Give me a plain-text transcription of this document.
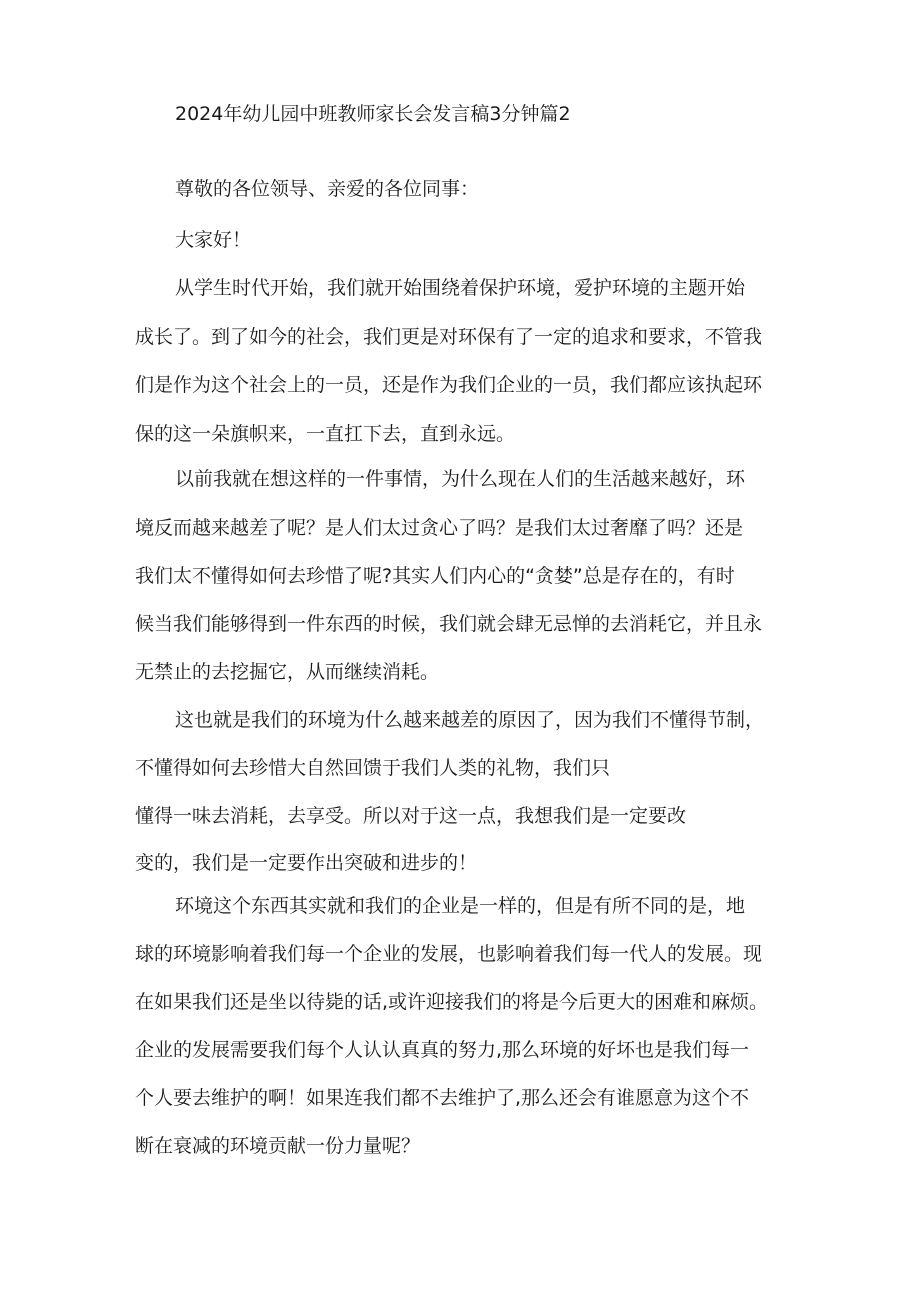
2024年幼儿园中班教师家长会发言稿3分钟篇2
尊敬的各位领导、亲爱的各位同事：
大家好！
从学生时代开始，我们就开始围绕着保护环境，爱护环境的主题开始
成长了。到了如今的社会，我们更是对环保有了一定的追求和要求，不管我
们是作为这个社会上的一员，还是作为我们企业的一员，我们都应该执起环
保的这一朵旗帜来，一直扛下去，直到永远。
以前我就在想这样的一件事情，为什么现在人们的生活越来越好，环
境反而越来越差了呢？是人们太过贪心了吗？是我们太过奢靡了吗？还是
我们太不懂得如何去珍惜了呢?其实人们内心的“贪婪”总是存在的，有时
候当我们能够得到一件东西的时候，我们就会肆无忌惮的去消耗它，并且永
无禁止的去挖掘它，从而继续消耗。
这也就是我们的环境为什么越来越差的原因了，因为我们不懂得节制，
不懂得如何去珍惜大自然回馈于我们人类的礼物，我们只
懂得一味去消耗，去享受。所以对于这一点，我想我们是一定要改
变的，我们是一定要作出突破和进步的！
环境这个东西其实就和我们的企业是一样的，但是有所不同的是，地
球的环境影响着我们每一个企业的发展，也影响着我们每一代人的发展。现
在如果我们还是坐以待毙的话,或许迎接我们的将是今后更大的困难和麻烦。
企业的发展需要我们每个人认认真真的努力,那么环境的好坏也是我们每一
个人要去维护的啊！如果连我们都不去维护了,那么还会有谁愿意为这个不
断在衰减的环境贡献一份力量呢？
